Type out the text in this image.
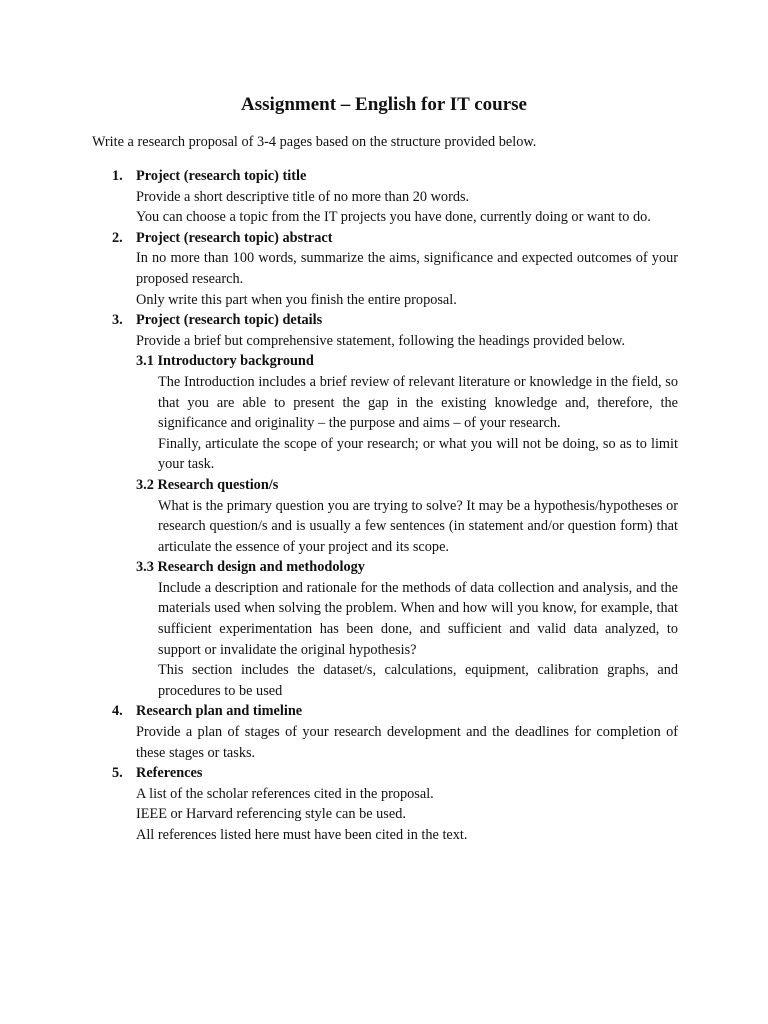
Assignment – English for IT course

Write a research proposal of 3-4 pages based on the structure provided below.

1. Project (research topic) title

Provide a short descriptive title of no more than 20 words.

You can choose a topic from the IT projects you have done, currently doing or want to do.

2. Project (research topic) abstract

In no more than 100 words, summarize the aims, significance and expected outcomes of your proposed research.

Only write this part when you finish the entire proposal.

3. Project (research topic) details

Provide a brief but comprehensive statement, following the headings provided below.

3.1 Introductory background

The Introduction includes a brief review of relevant literature or knowledge in the field, so that you are able to present the gap in the existing knowledge and, therefore, the significance and originality – the purpose and aims – of your research.

Finally, articulate the scope of your research; or what you will not be doing, so as to limit your task.

3.2 Research question/s

What is the primary question you are trying to solve? It may be a hypothesis/hypotheses or research question/s and is usually a few sentences (in statement and/or question form) that articulate the essence of your project and its scope.

3.3 Research design and methodology

Include a description and rationale for the methods of data collection and analysis, and the materials used when solving the problem. When and how will you know, for example, that sufficient experimentation has been done, and sufficient and valid data analyzed, to support or invalidate the original hypothesis?

This section includes the dataset/s, calculations, equipment, calibration graphs, and procedures to be used

4. Research plan and timeline

Provide a plan of stages of your research development and the deadlines for completion of these stages or tasks.

5. References

A list of the scholar references cited in the proposal.

IEEE or Harvard referencing style can be used.

All references listed here must have been cited in the text.
